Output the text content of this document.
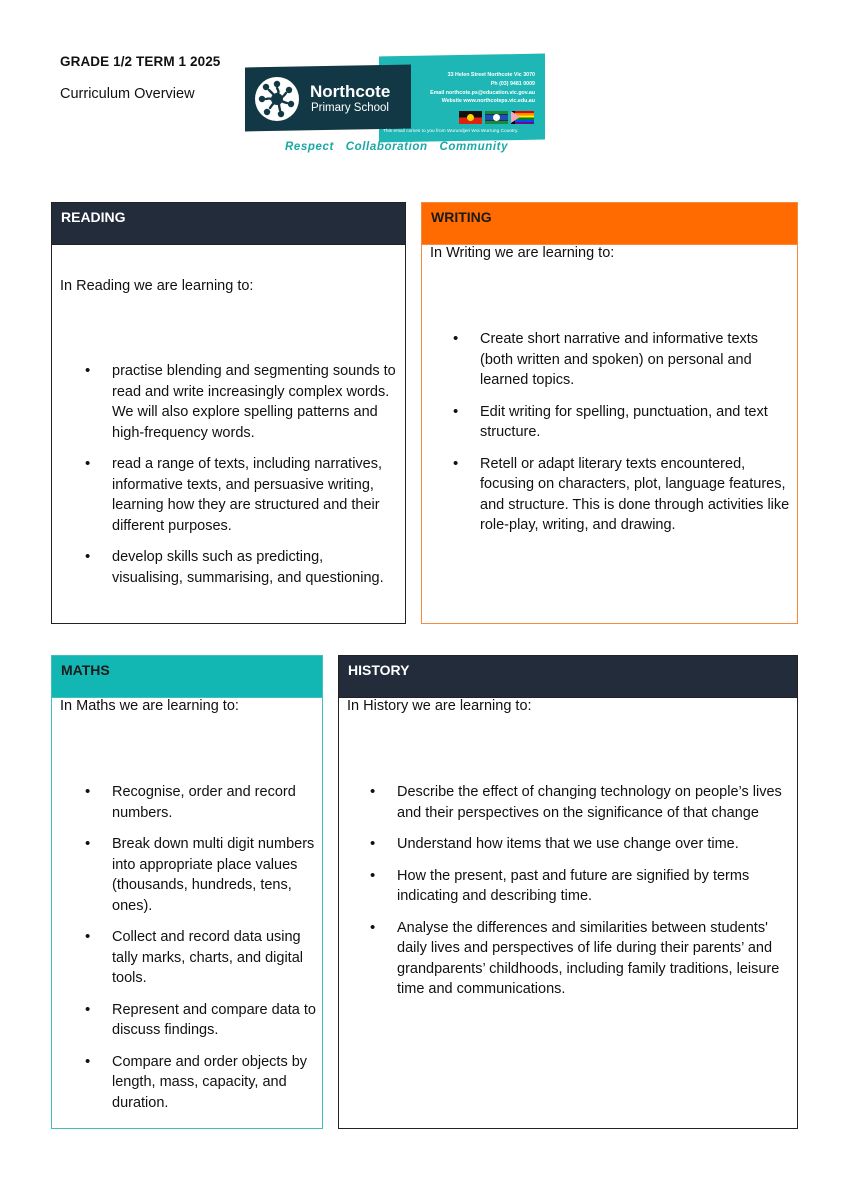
GRADE 1/2 TERM 1 2025
Curriculum Overview	Northcote
Primary School
33 Helen Street Northcote Vic 3070
Ph (03) 9481 0009
Email northcote.ps@education.vic.gov.au
Website www.northcoteps.vic.edu.au
This email comes to you from Wurundjeri Woi Wurrung Country.
Respect Collaboration Community
READING
In Reading we are learning to:
• practise blending and segmenting sounds to read and write increasingly complex words. We will also explore spelling patterns and high-frequency words.
• read a range of texts, including narratives, informative texts, and persuasive writing, learning how they are structured and their different purposes.
• develop skills such as predicting, visualising, summarising, and questioning.
WRITING
In Writing we are learning to:
• Create short narrative and informative texts (both written and spoken) on personal and learned topics.
• Edit writing for spelling, punctuation, and text structure.
• Retell or adapt literary texts encountered, focusing on characters, plot, language features, and structure. This is done through activities like role-play, writing, and drawing.
MATHS
In Maths we are learning to:
• Recognise, order and record numbers.
• Break down multi digit numbers into appropriate place values (thousands, hundreds, tens, ones).
• Collect and record data using tally marks, charts, and digital tools.
• Represent and compare data to discuss findings.
• Compare and order objects by length, mass, capacity, and duration.
HISTORY
In History we are learning to:
• Describe the effect of changing technology on people’s lives and their perspectives on the significance of that change
• Understand how items that we use change over time.
• How the present, past and future are signified by terms indicating and describing time.
• Analyse the differences and similarities between students' daily lives and perspectives of life during their parents’ and grandparents’ childhoods, including family traditions, leisure time and communications.
